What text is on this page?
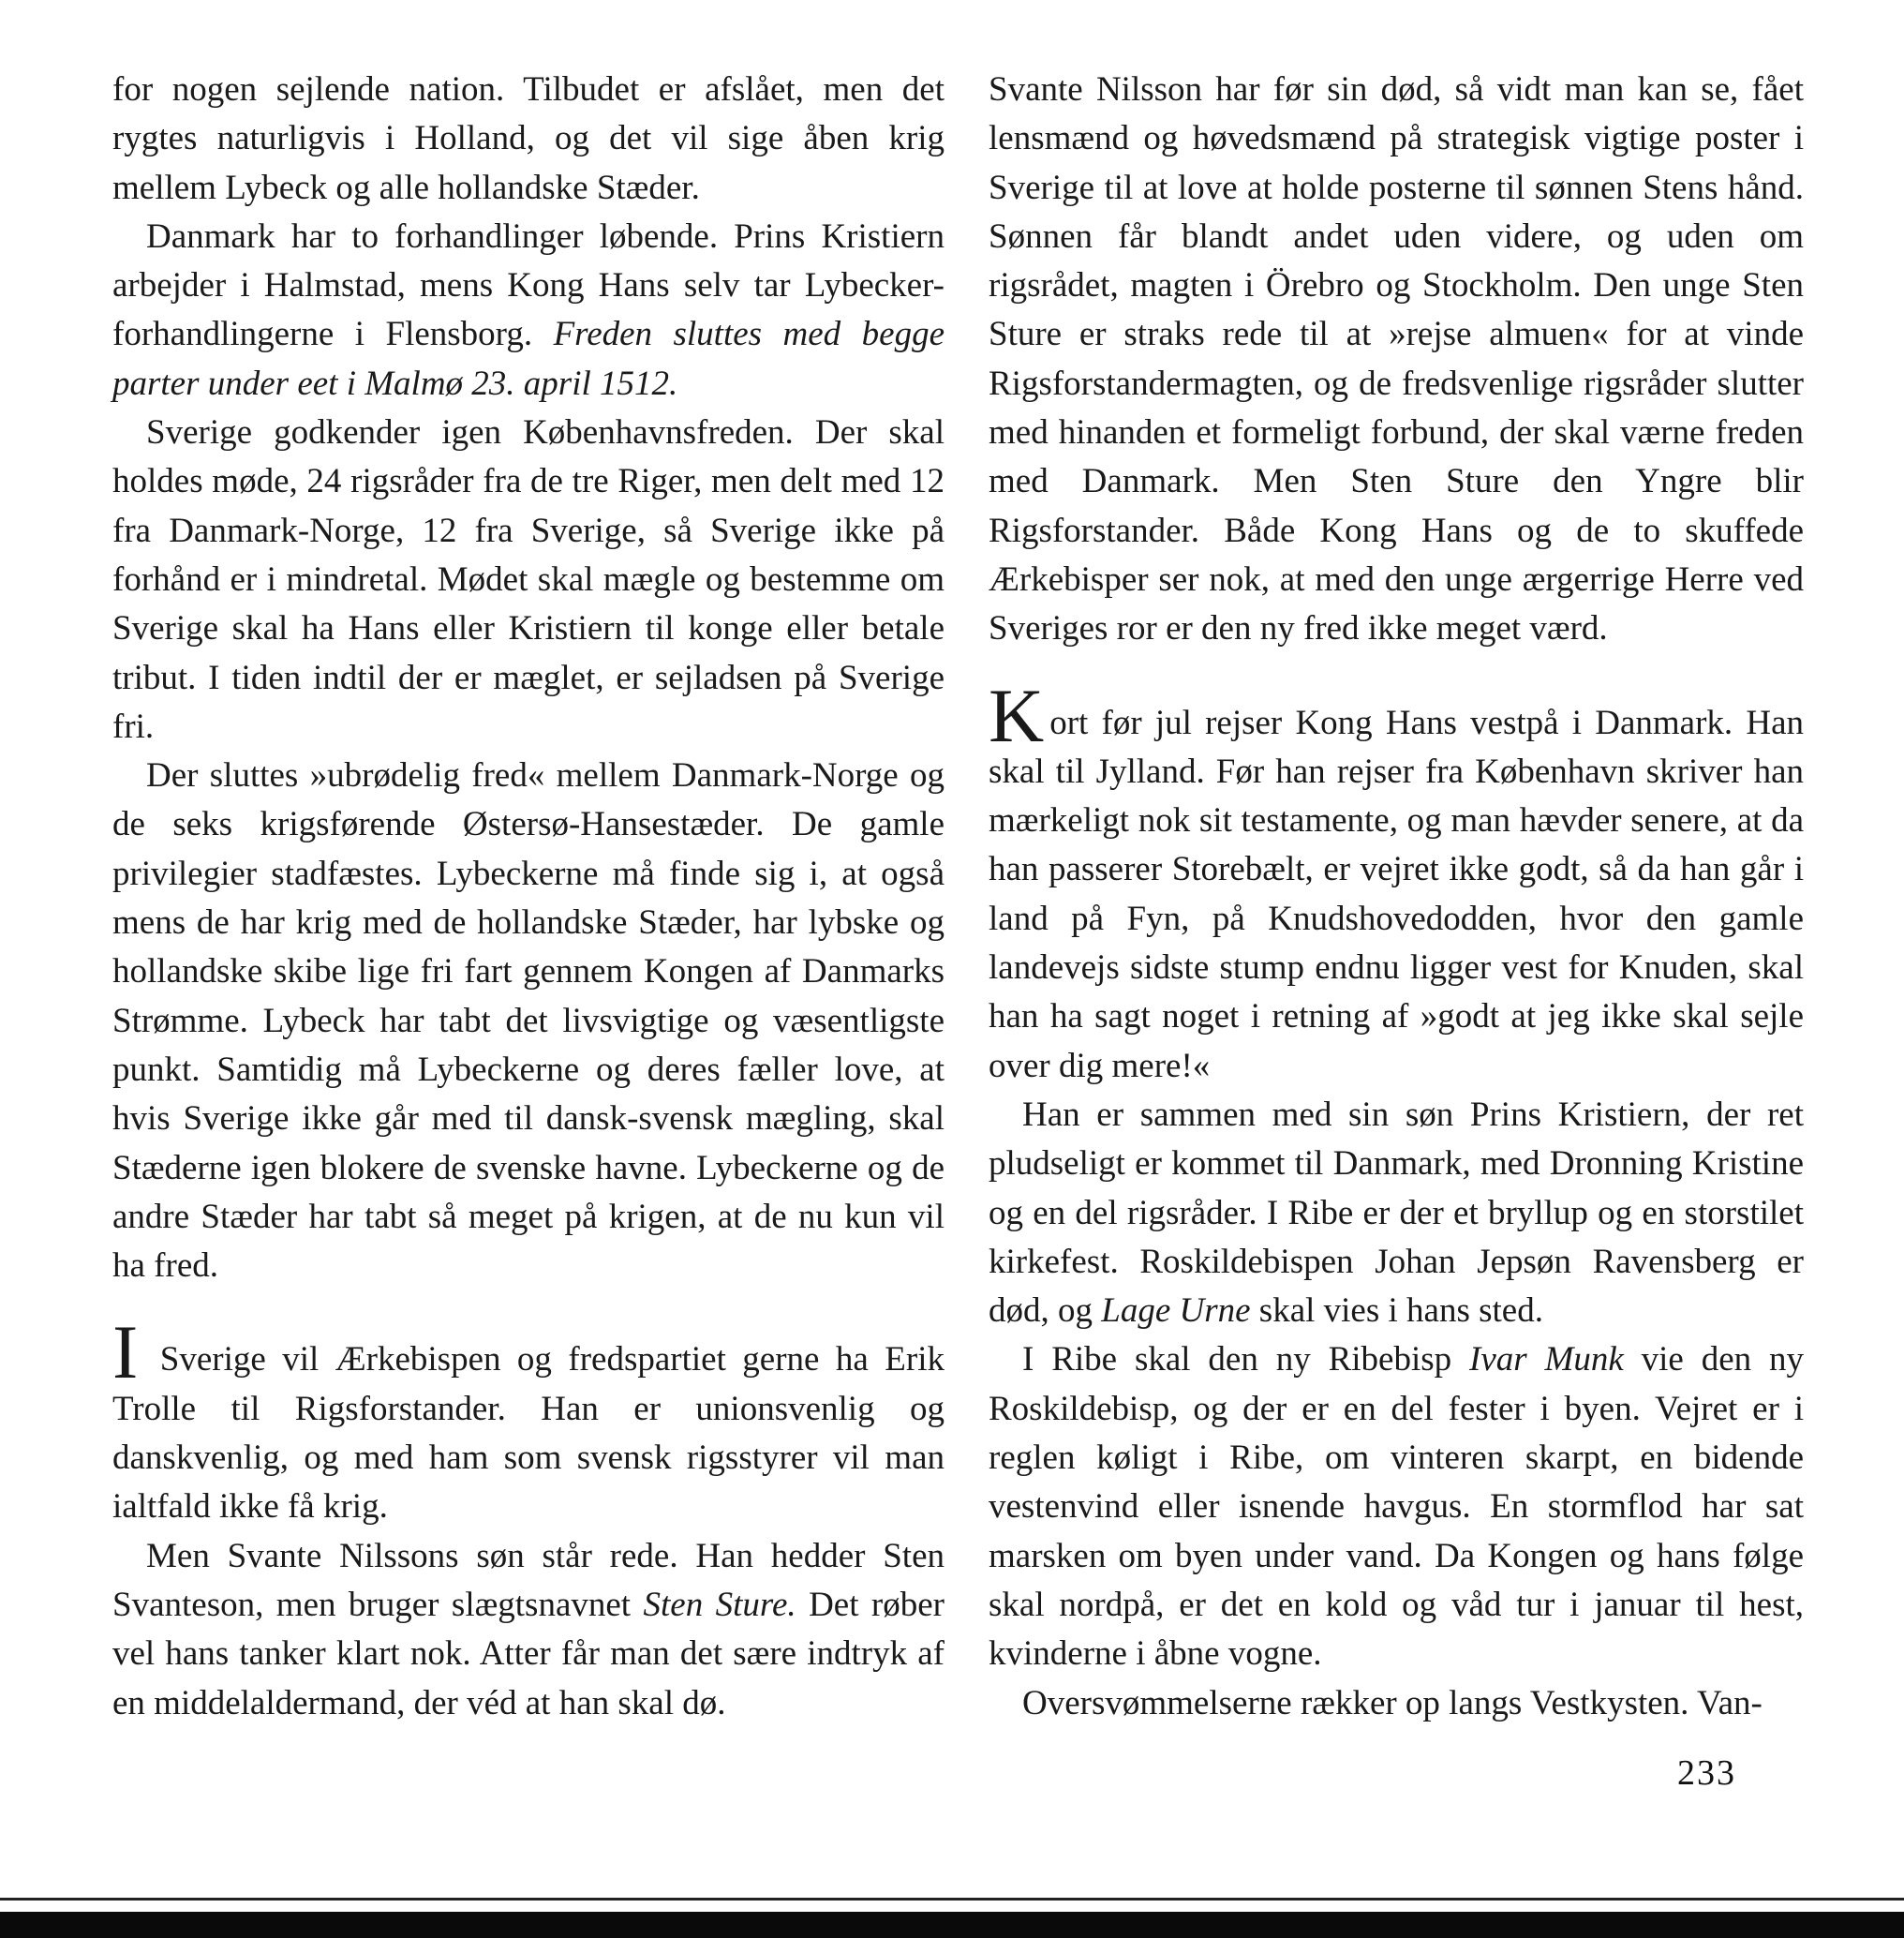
for nogen sejlende nation. Tilbudet er afslået, men det rygtes naturligvis i Holland, og det vil sige åben krig mellem Lybeck og alle hollandske Stæder.

Danmark har to forhandlinger løbende. Prins Kristiern arbejder i Halmstad, mens Kong Hans selv tar Lybecker-forhandlingerne i Flensborg. Freden sluttes med begge parter under eet i Malmø 23. april 1512.

Sverige godkender igen Københavnsfreden. Der skal holdes møde, 24 rigsråder fra de tre Riger, men delt med 12 fra Danmark-Norge, 12 fra Sverige, så Sverige ikke på forhånd er i mindretal. Mødet skal mægle og bestemme om Sverige skal ha Hans eller Kristiern til konge eller betale tribut. I tiden indtil der er mæglet, er sejladsen på Sverige fri.

Der sluttes »ubrødelig fred« mellem Danmark-Norge og de seks krigsførende Østersø-Hansestæder. De gamle privilegier stadfæstes. Lybeckerne må finde sig i, at også mens de har krig med de hollandske Stæder, har lybske og hollandske skibe lige fri fart gennem Kongen af Danmarks Strømme. Lybeck har tabt det livsvigtige og væsentligste punkt. Samtidig må Lybeckerne og deres fæller love, at hvis Sverige ikke går med til dansk-svensk mægling, skal Stæderne igen blokere de svenske havne. Lybeckerne og de andre Stæder har tabt så meget på krigen, at de nu kun vil ha fred.

I Sverige vil Ærkebispen og fredspartiet gerne ha Erik Trolle til Rigsforstander. Han er unionsvenlig og danskvenlig, og med ham som svensk rigsstyrer vil man ialtfald ikke få krig.

Men Svante Nilssons søn står rede. Han hedder Sten Svanteson, men bruger slægtsnavnet Sten Sture. Det røber vel hans tanker klart nok. Atter får man det sære indtryk af en middelaldermand, der véd at han skal dø.

Svante Nilsson har før sin død, så vidt man kan se, fået lensmænd og høvedsmænd på strategisk vigtige poster i Sverige til at love at holde posterne til sønnen Stens hånd. Sønnen får blandt andet uden videre, og uden om rigsrådet, magten i Örebro og Stockholm. Den unge Sten Sture er straks rede til at »rejse almuen« for at vinde Rigsforstandermagten, og de fredsvenlige rigsråder slutter med hinanden et formeligt forbund, der skal værne freden med Danmark. Men Sten Sture den Yngre blir Rigsforstander. Både Kong Hans og de to skuffede Ærkebisper ser nok, at med den unge ærgerrige Herre ved Sveriges ror er den ny fred ikke meget værd.

Kort før jul rejser Kong Hans vestpå i Danmark. Han skal til Jylland. Før han rejser fra København skriver han mærkeligt nok sit testamente, og man hævder senere, at da han passerer Storebælt, er vejret ikke godt, så da han går i land på Fyn, på Knudshovedodden, hvor den gamle landevejs sidste stump endnu ligger vest for Knuden, skal han ha sagt noget i retning af »godt at jeg ikke skal sejle over dig mere!«

Han er sammen med sin søn Prins Kristiern, der ret pludseligt er kommet til Danmark, med Dronning Kristine og en del rigsråder. I Ribe er der et bryllup og en storstilet kirkefest. Roskildebispen Johan Jepsøn Ravensberg er død, og Lage Urne skal vies i hans sted.

I Ribe skal den ny Ribebisp Ivar Munk vie den ny Roskildebisp, og der er en del fester i byen. Vejret er i reglen køligt i Ribe, om vinteren skarpt, en bidende vestenvind eller isnende havgus. En stormflod har sat marsken om byen under vand. Da Kongen og hans følge skal nordpå, er det en kold og våd tur i januar til hest, kvinderne i åbne vogne.

Oversvømmelserne rækker op langs Vestkysten. Van-

233
